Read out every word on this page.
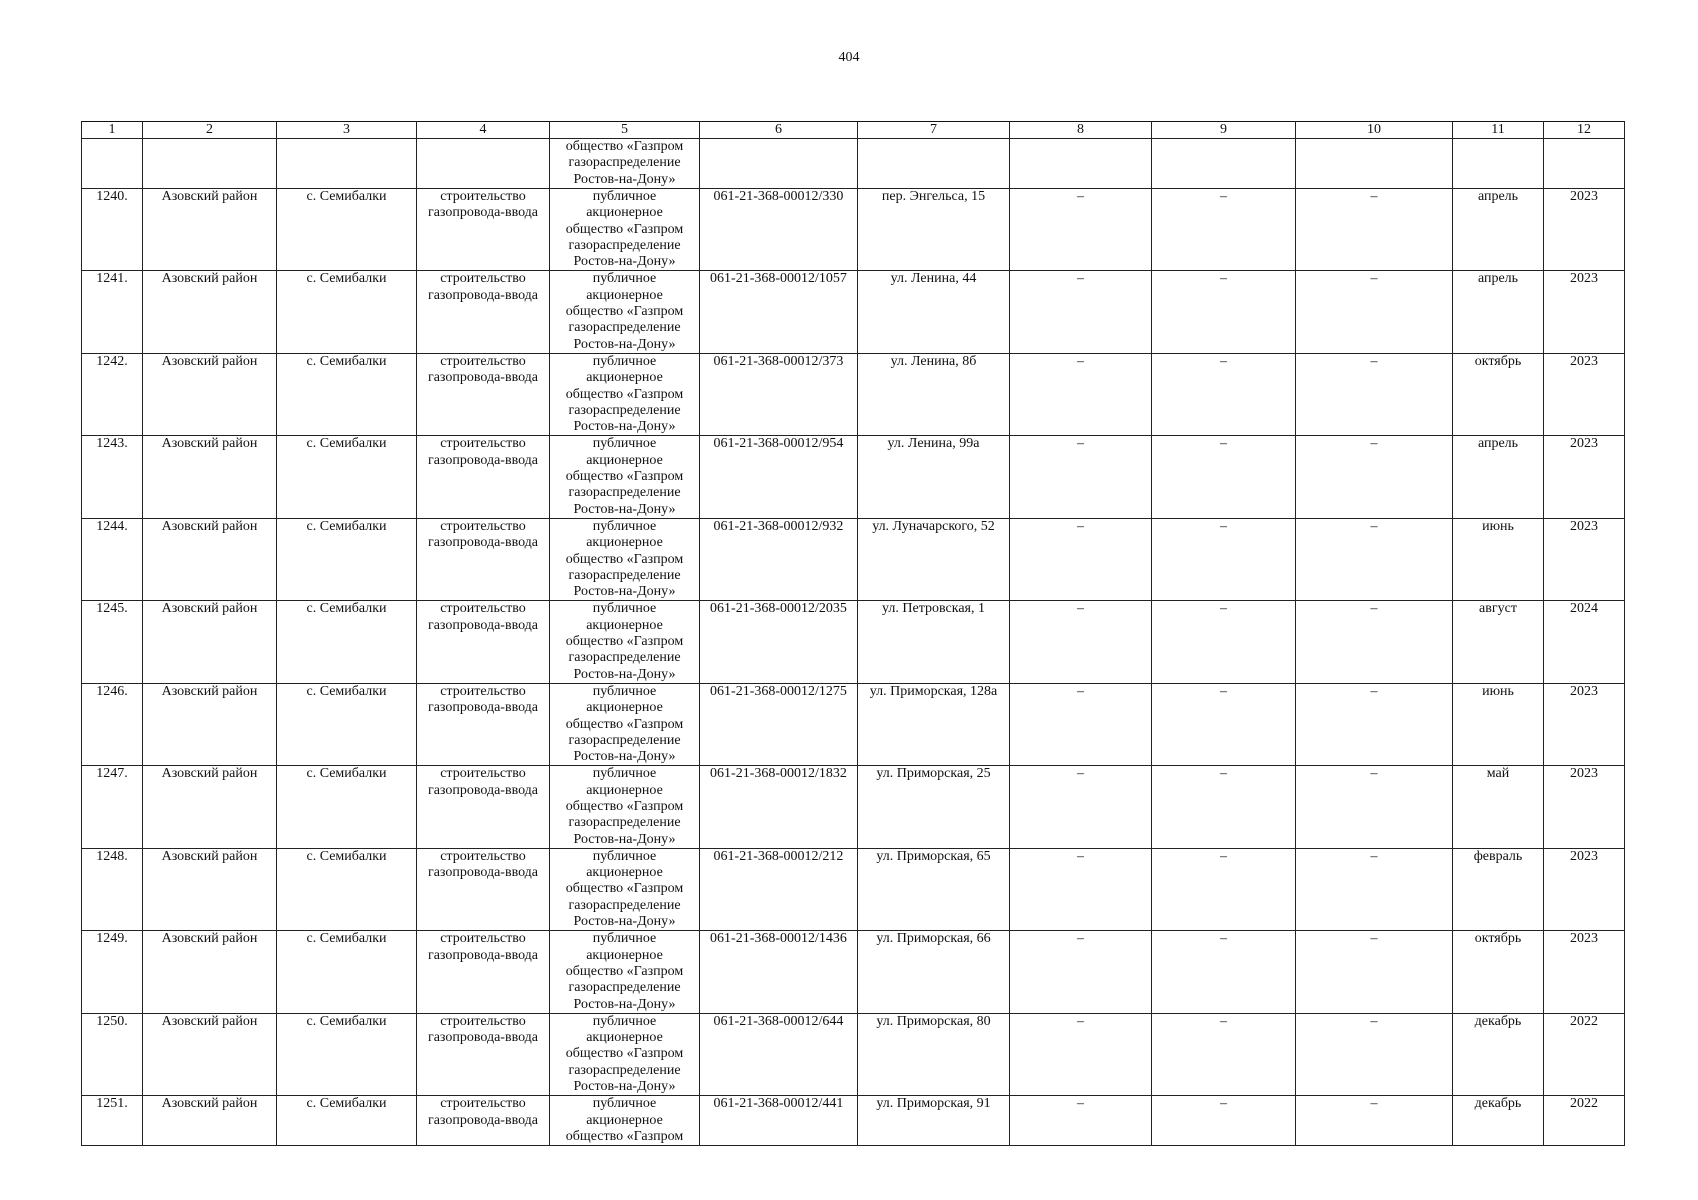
404
1	2	3	4	5	6	7	8	9	10	11	12
				общество «Газпром
газораспределение
Ростов-на-Дону»							
1240.	Азовский район	с. Семибалки	строительство
газопровода-ввода	публичное
акционерное
общество «Газпром
газораспределение
Ростов-на-Дону»	061-21-368-00012/330	пер. Энгельса, 15	–	–	–	апрель	2023
1241.	Азовский район	с. Семибалки	строительство
газопровода-ввода	публичное
акционерное
общество «Газпром
газораспределение
Ростов-на-Дону»	061-21-368-00012/1057	ул. Ленина, 44	–	–	–	апрель	2023
1242.	Азовский район	с. Семибалки	строительство
газопровода-ввода	публичное
акционерное
общество «Газпром
газораспределение
Ростов-на-Дону»	061-21-368-00012/373	ул. Ленина, 8б	–	–	–	октябрь	2023
1243.	Азовский район	с. Семибалки	строительство
газопровода-ввода	публичное
акционерное
общество «Газпром
газораспределение
Ростов-на-Дону»	061-21-368-00012/954	ул. Ленина, 99а	–	–	–	апрель	2023
1244.	Азовский район	с. Семибалки	строительство
газопровода-ввода	публичное
акционерное
общество «Газпром
газораспределение
Ростов-на-Дону»	061-21-368-00012/932	ул. Луначарского, 52	–	–	–	июнь	2023
1245.	Азовский район	с. Семибалки	строительство
газопровода-ввода	публичное
акционерное
общество «Газпром
газораспределение
Ростов-на-Дону»	061-21-368-00012/2035	ул. Петровская, 1	–	–	–	август	2024
1246.	Азовский район	с. Семибалки	строительство
газопровода-ввода	публичное
акционерное
общество «Газпром
газораспределение
Ростов-на-Дону»	061-21-368-00012/1275	ул. Приморская, 128а	–	–	–	июнь	2023
1247.	Азовский район	с. Семибалки	строительство
газопровода-ввода	публичное
акционерное
общество «Газпром
газораспределение
Ростов-на-Дону»	061-21-368-00012/1832	ул. Приморская, 25	–	–	–	май	2023
1248.	Азовский район	с. Семибалки	строительство
газопровода-ввода	публичное
акционерное
общество «Газпром
газораспределение
Ростов-на-Дону»	061-21-368-00012/212	ул. Приморская, 65	–	–	–	февраль	2023
1249.	Азовский район	с. Семибалки	строительство
газопровода-ввода	публичное
акционерное
общество «Газпром
газораспределение
Ростов-на-Дону»	061-21-368-00012/1436	ул. Приморская, 66	–	–	–	октябрь	2023
1250.	Азовский район	с. Семибалки	строительство
газопровода-ввода	публичное
акционерное
общество «Газпром
газораспределение
Ростов-на-Дону»	061-21-368-00012/644	ул. Приморская, 80	–	–	–	декабрь	2022
1251.	Азовский район	с. Семибалки	строительство
газопровода-ввода	публичное
акционерное
общество «Газпром	061-21-368-00012/441	ул. Приморская, 91	–	–	–	декабрь	2022
